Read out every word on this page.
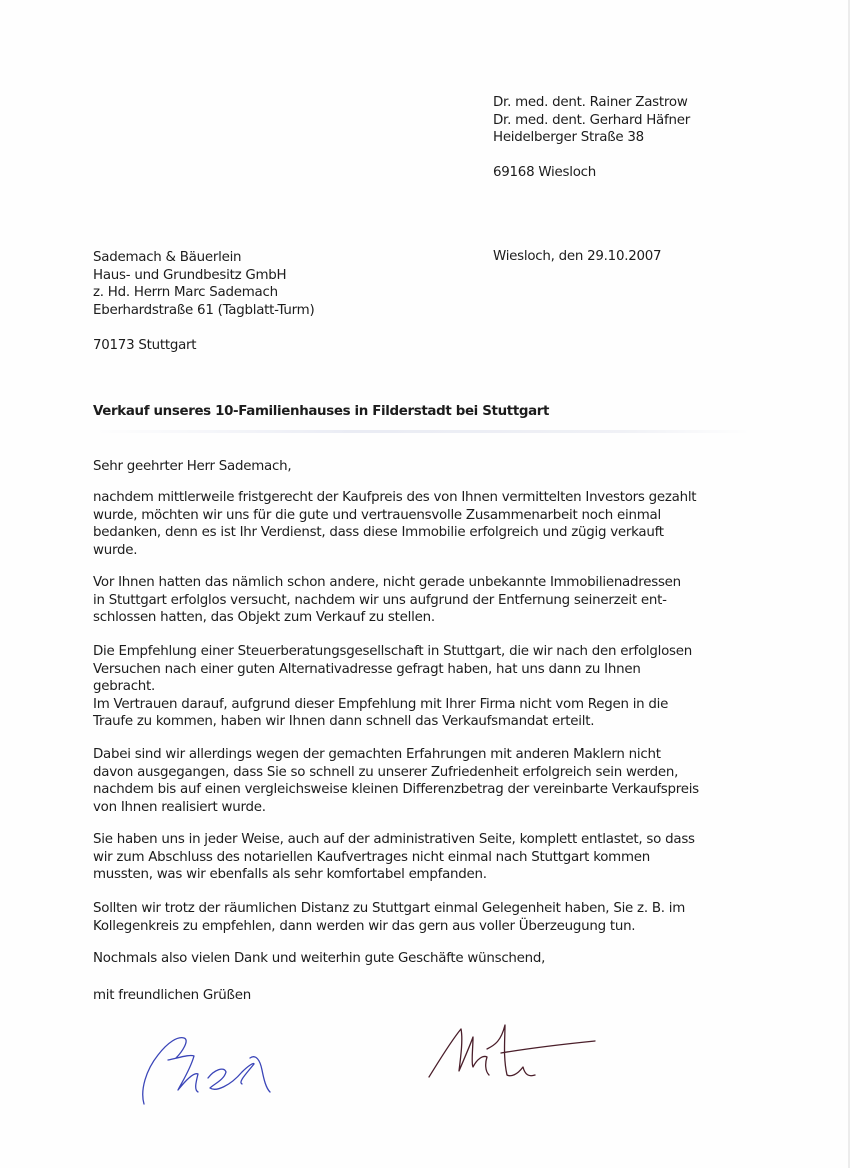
Dr. med. dent. Rainer Zastrow
Dr. med. dent. Gerhard Häfner
Heidelberger Straße 38
69168 Wiesloch
Sademach & Bäuerlein
Haus- und Grundbesitz GmbH
z. Hd. Herrn Marc Sademach
Eberhardstraße 61 (Tagblatt-Turm)
70173 Stuttgart
Wiesloch, den 29.10.2007
Verkauf unseres 10-Familienhauses in Filderstadt bei Stuttgart
Sehr geehrter Herr Sademach,
nachdem mittlerweile fristgerecht der Kaufpreis des von Ihnen vermittelten Investors gezahlt
wurde, möchten wir uns für die gute und vertrauensvolle Zusammenarbeit noch einmal
bedanken, denn es ist Ihr Verdienst, dass diese Immobilie erfolgreich und zügig verkauft
wurde.
Vor Ihnen hatten das nämlich schon andere, nicht gerade unbekannte Immobilienadressen
in Stuttgart erfolglos versucht, nachdem wir uns aufgrund der Entfernung seinerzeit ent-
schlossen hatten, das Objekt zum Verkauf zu stellen.
Die Empfehlung einer Steuerberatungsgesellschaft in Stuttgart, die wir nach den erfolglosen
Versuchen nach einer guten Alternativadresse gefragt haben, hat uns dann zu Ihnen
gebracht.
Im Vertrauen darauf, aufgrund dieser Empfehlung mit Ihrer Firma nicht vom Regen in die
Traufe zu kommen, haben wir Ihnen dann schnell das Verkaufsmandat erteilt.
Dabei sind wir allerdings wegen der gemachten Erfahrungen mit anderen Maklern nicht
davon ausgegangen, dass Sie so schnell zu unserer Zufriedenheit erfolgreich sein werden,
nachdem bis auf einen vergleichsweise kleinen Differenzbetrag der vereinbarte Verkaufspreis
von Ihnen realisiert wurde.
Sie haben uns in jeder Weise, auch auf der administrativen Seite, komplett entlastet, so dass
wir zum Abschluss des notariellen Kaufvertrages nicht einmal nach Stuttgart kommen
mussten, was wir ebenfalls als sehr komfortabel empfanden.
Sollten wir trotz der räumlichen Distanz zu Stuttgart einmal Gelegenheit haben, Sie z. B. im
Kollegenkreis zu empfehlen, dann werden wir das gern aus voller Überzeugung tun.
Nochmals also vielen Dank und weiterhin gute Geschäfte wünschend,
mit freundlichen Grüßen
